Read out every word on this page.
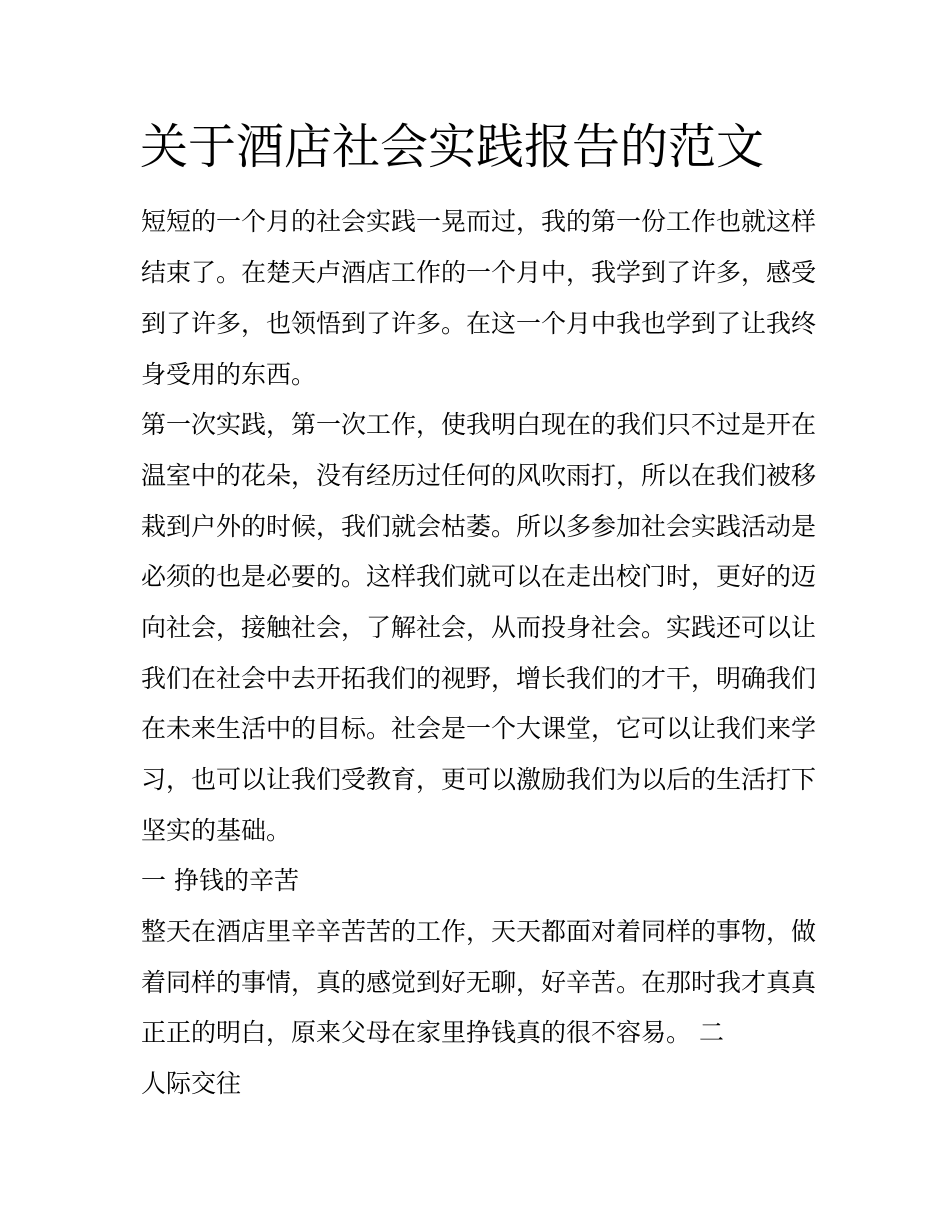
关于酒店社会实践报告的范文

短短的一个月的社会实践一晃而过，我的第一份工作也就这样

结束了。在楚天卢酒店工作的一个月中，我学到了许多，感受

到了许多，也领悟到了许多。在这一个月中我也学到了让我终

身受用的东西。

第一次实践，第一次工作，使我明白现在的我们只不过是开在

温室中的花朵，没有经历过任何的风吹雨打，所以在我们被移

栽到户外的时候，我们就会枯萎。所以多参加社会实践活动是

必须的也是必要的。这样我们就可以在走出校门时，更好的迈

向社会，接触社会，了解社会，从而投身社会。实践还可以让

我们在社会中去开拓我们的视野，增长我们的才干，明确我们

在未来生活中的目标。社会是一个大课堂，它可以让我们来学

习，也可以让我们受教育，更可以激励我们为以后的生活打下

坚实的基础。

一 挣钱的辛苦

整天在酒店里辛辛苦苦的工作，天天都面对着同样的事物，做

着同样的事情，真的感觉到好无聊，好辛苦。在那时我才真真

正正的明白，原来父母在家里挣钱真的很不容易。 二

人际交往
